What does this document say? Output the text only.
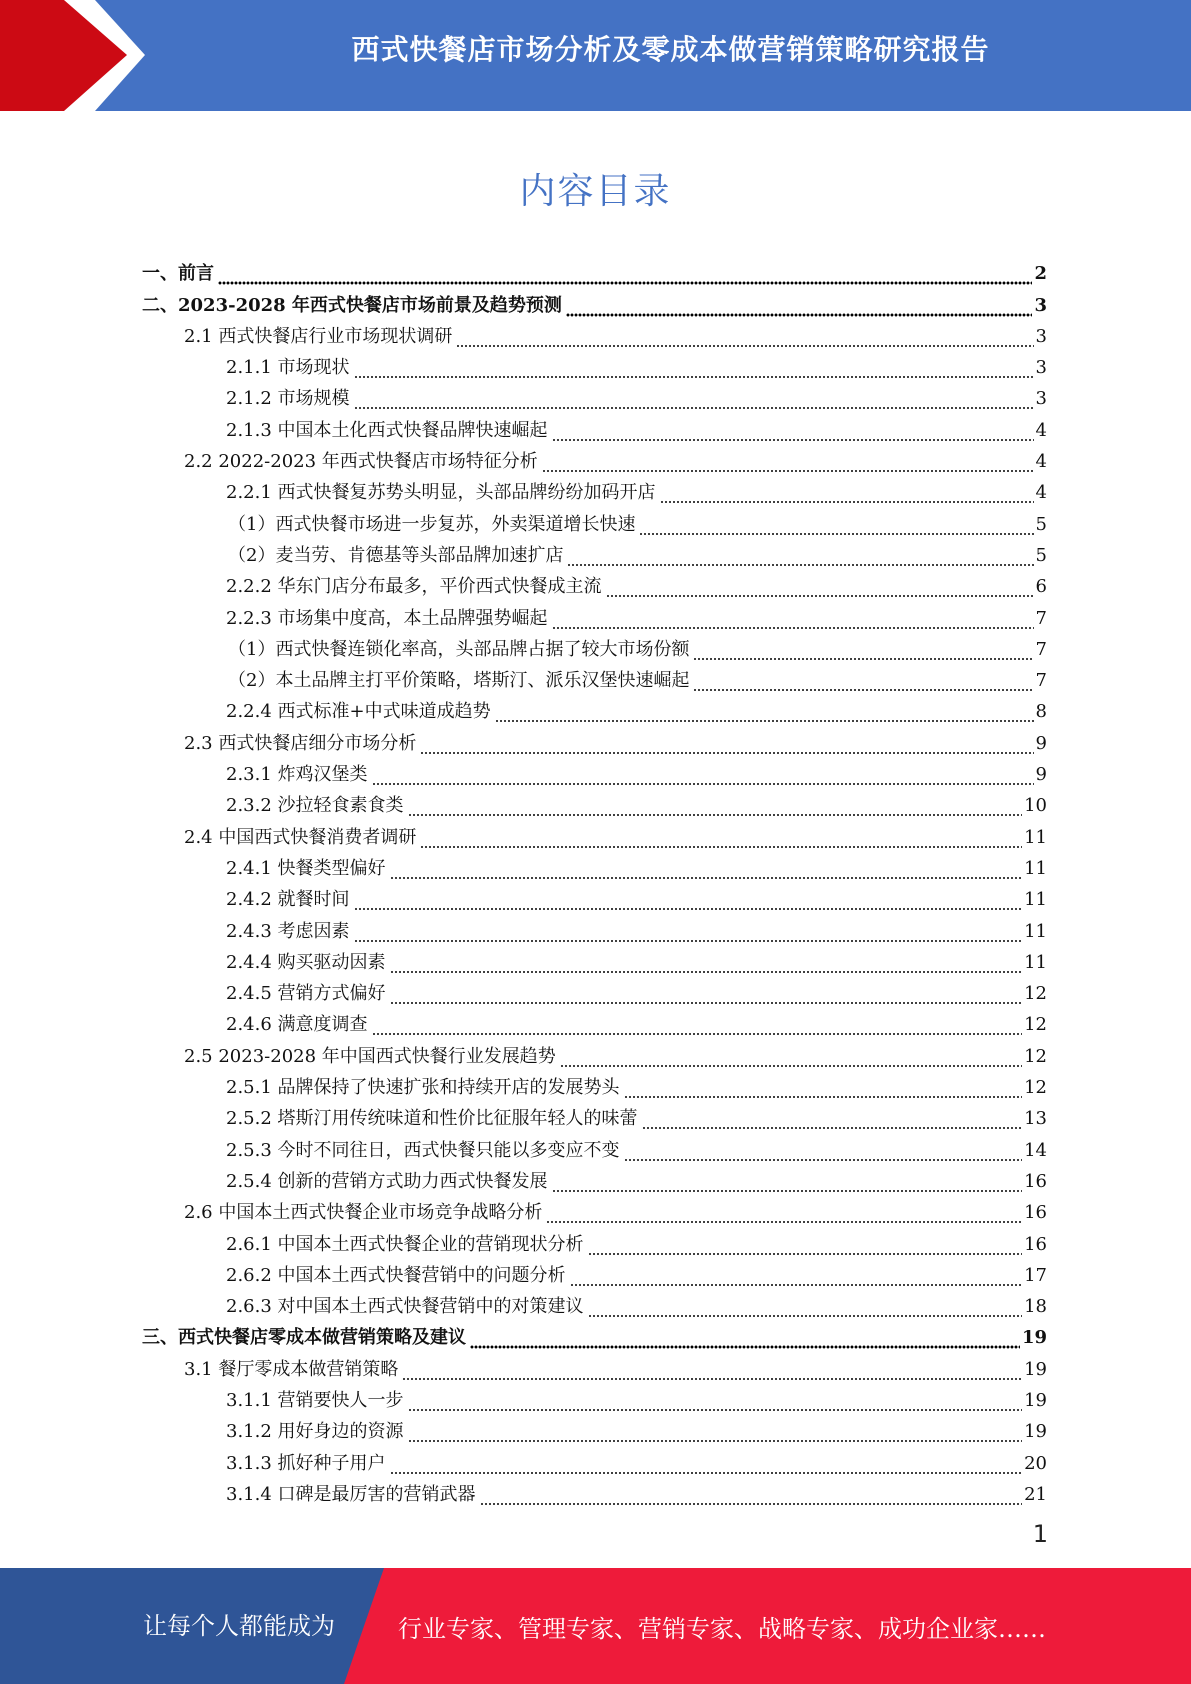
西式快餐店市场分析及零成本做营销策略研究报告
内容目录
一、前言	2
二、2023-2028 年西式快餐店市场前景及趋势预测	3
2.1 西式快餐店行业市场现状调研	3
2.1.1 市场现状	3
2.1.2 市场规模	3
2.1.3 中国本土化西式快餐品牌快速崛起	4
2.2 2022-2023 年西式快餐店市场特征分析	4
2.2.1 西式快餐复苏势头明显，头部品牌纷纷加码开店	4
（1）西式快餐市场进一步复苏，外卖渠道增长快速	5
（2）麦当劳、肯德基等头部品牌加速扩店	5
2.2.2 华东门店分布最多，平价西式快餐成主流	6
2.2.3 市场集中度高，本土品牌强势崛起	7
（1）西式快餐连锁化率高，头部品牌占据了较大市场份额	7
（2）本土品牌主打平价策略，塔斯汀、派乐汉堡快速崛起	7
2.2.4 西式标准+中式味道成趋势	8
2.3 西式快餐店细分市场分析	9
2.3.1 炸鸡汉堡类	9
2.3.2 沙拉轻食素食类	10
2.4 中国西式快餐消费者调研	11
2.4.1 快餐类型偏好	11
2.4.2 就餐时间	11
2.4.3 考虑因素	11
2.4.4 购买驱动因素	11
2.4.5 营销方式偏好	12
2.4.6 满意度调查	12
2.5 2023-2028 年中国西式快餐行业发展趋势	12
2.5.1 品牌保持了快速扩张和持续开店的发展势头	12
2.5.2 塔斯汀用传统味道和性价比征服年轻人的味蕾	13
2.5.3 今时不同往日，西式快餐只能以多变应不变	14
2.5.4 创新的营销方式助力西式快餐发展	16
2.6 中国本土西式快餐企业市场竞争战略分析	16
2.6.1 中国本土西式快餐企业的营销现状分析	16
2.6.2 中国本土西式快餐营销中的问题分析	17
2.6.3 对中国本土西式快餐营销中的对策建议	18
三、西式快餐店零成本做营销策略及建议	19
3.1 餐厅零成本做营销策略	19
3.1.1 营销要快人一步	19
3.1.2 用好身边的资源	19
3.1.3 抓好种子用户	20
3.1.4 口碑是最厉害的营销武器	21
1
让每个人都能成为	行业专家、管理专家、营销专家、战略专家、成功企业家……
